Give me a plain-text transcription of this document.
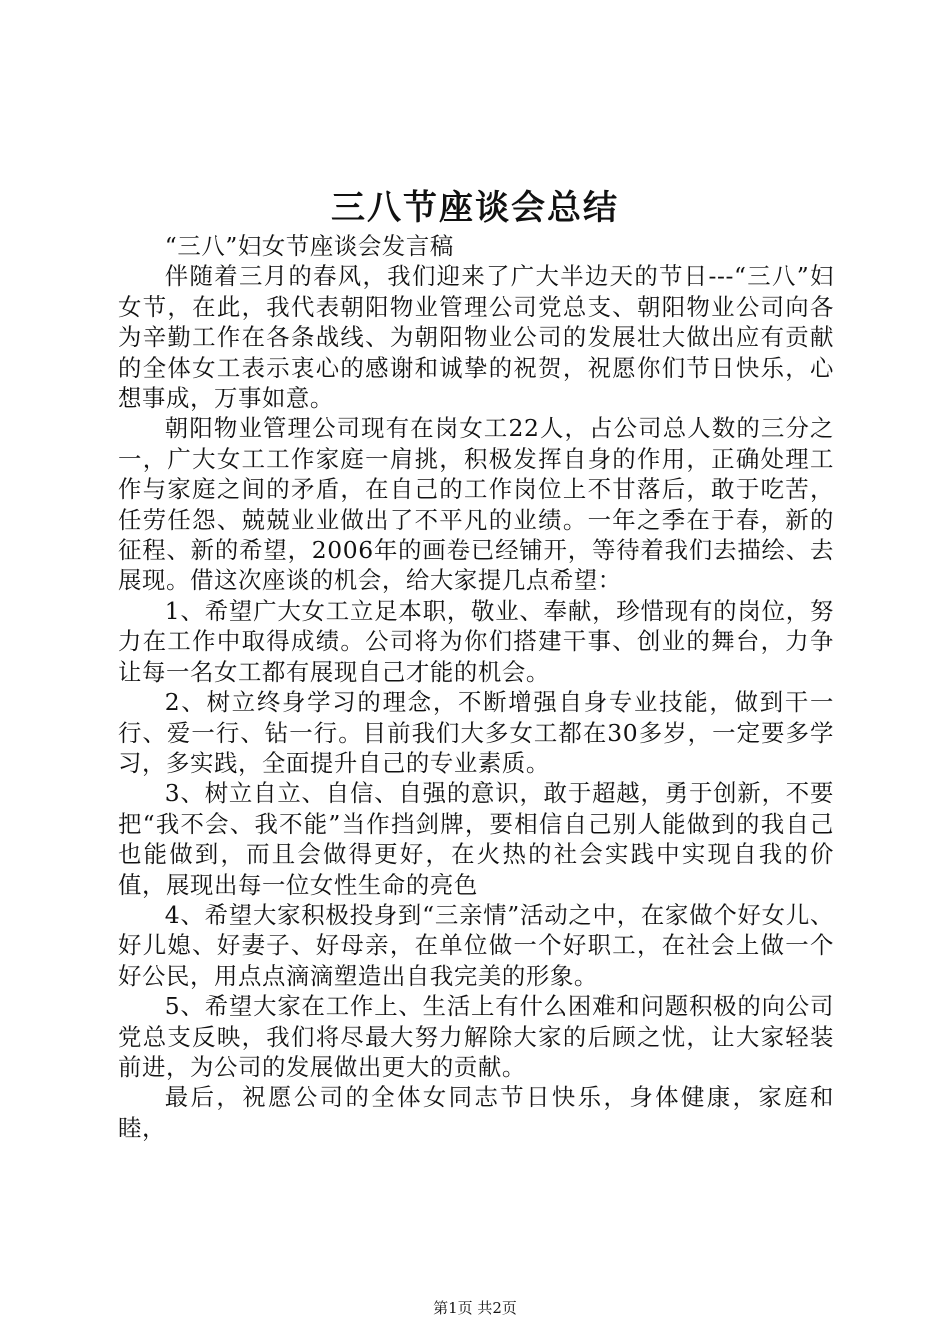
三八节座谈会总结

“三八”妇女节座谈会发言稿

伴随着三月的春风，我们迎来了广大半边天的节日---“三八”妇女节，在此，我代表朝阳物业管理公司党总支、朝阳物业公司向各为辛勤工作在各条战线、为朝阳物业公司的发展壮大做出应有贡献的全体女工表示衷心的感谢和诚挚的祝贺，祝愿你们节日快乐，心想事成，万事如意。

朝阳物业管理公司现有在岗女工22人，占公司总人数的三分之一，广大女工工作家庭一肩挑，积极发挥自身的作用，正确处理工作与家庭之间的矛盾，在自己的工作岗位上不甘落后，敢于吃苦，任劳任怨、兢兢业业做出了不平凡的业绩。一年之季在于春，新的征程、新的希望，2006年的画卷已经铺开，等待着我们去描绘、去展现。借这次座谈的机会，给大家提几点希望：

1、希望广大女工立足本职，敬业、奉献，珍惜现有的岗位，努力在工作中取得成绩。公司将为你们搭建干事、创业的舞台，力争让每一名女工都有展现自己才能的机会。

2、树立终身学习的理念，不断增强自身专业技能，做到干一行、爱一行、钻一行。目前我们大多女工都在30多岁，一定要多学习，多实践，全面提升自己的专业素质。

3、树立自立、自信、自强的意识，敢于超越，勇于创新，不要把“我不会、我不能”当作挡剑牌，要相信自己别人能做到的我自己也能做到，而且会做得更好，在火热的社会实践中实现自我的价值，展现出每一位女性生命的亮色

4、希望大家积极投身到“三亲情”活动之中，在家做个好女儿、好儿媳、好妻子、好母亲，在单位做一个好职工，在社会上做一个好公民，用点点滴滴塑造出自我完美的形象。

5、希望大家在工作上、生活上有什么困难和问题积极的向公司党总支反映，我们将尽最大努力解除大家的后顾之忧，让大家轻装前进，为公司的发展做出更大的贡献。

最后，祝愿公司的全体女同志节日快乐，身体健康，家庭和睦，

第1页 共2页
